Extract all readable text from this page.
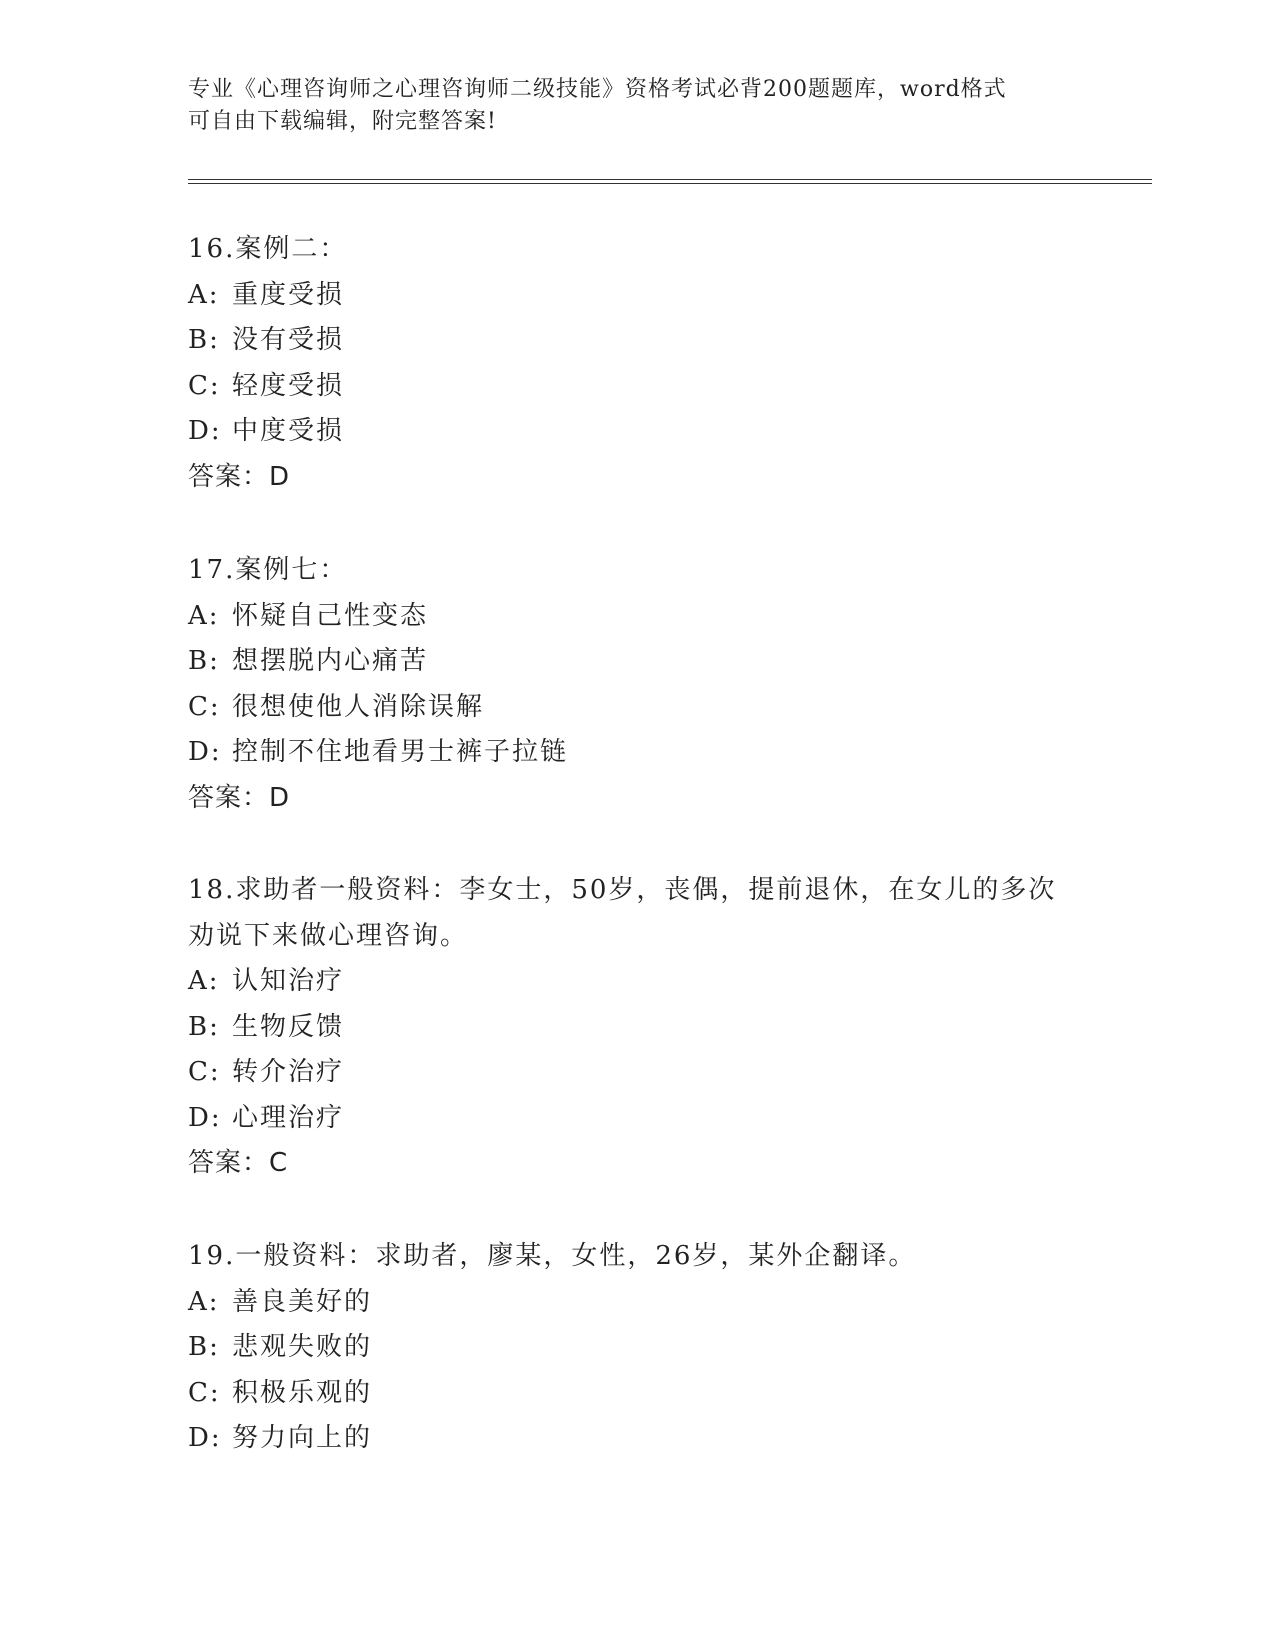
专业《心理咨询师之心理咨询师二级技能》资格考试必背200题题库，word格式
可自由下载编辑，附完整答案!
16.案例二：
A: 重度受损
B: 没有受损
C: 轻度受损
D: 中度受损
答案：D
17.案例七：
A: 怀疑自己性变态
B: 想摆脱内心痛苦
C: 很想使他人消除误解
D: 控制不住地看男士裤子拉链
答案：D
18.求助者一般资料：李女士，50岁，丧偶，提前退休，在女儿的多次
劝说下来做心理咨询。
A: 认知治疗
B: 生物反馈
C: 转介治疗
D: 心理治疗
答案：C
19.一般资料：求助者，廖某，女性，26岁，某外企翻译。
A: 善良美好的
B: 悲观失败的
C: 积极乐观的
D: 努力向上的
